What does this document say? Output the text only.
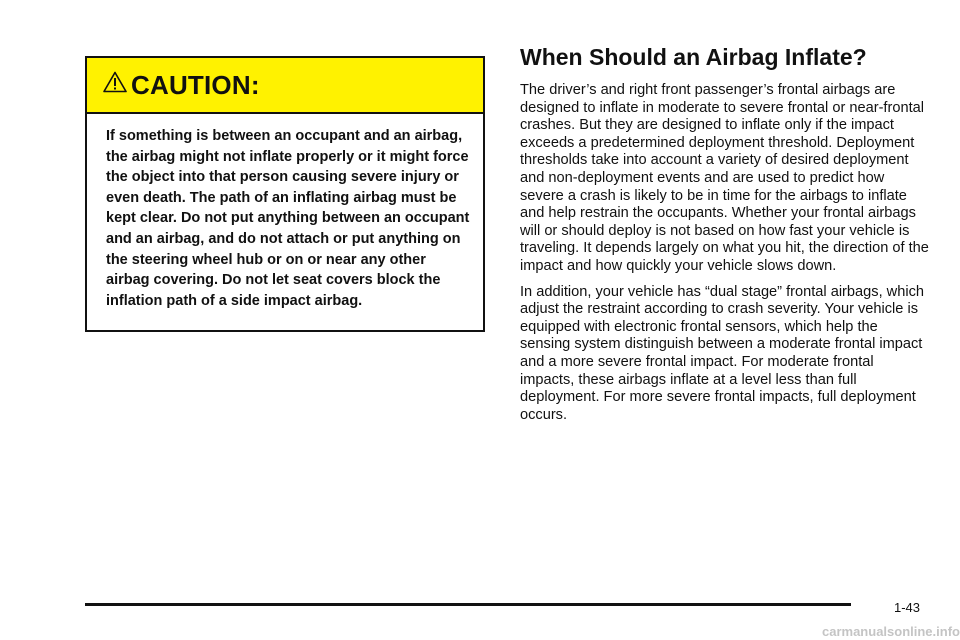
CAUTION:
If something is between an occupant and an airbag, the airbag might not inflate properly or it might force the object into that person causing severe injury or even death. The path of an inflating airbag must be kept clear. Do not put anything between an occupant and an airbag, and do not attach or put anything on the steering wheel hub or on or near any other airbag covering. Do not let seat covers block the inflation path of a side impact airbag.
When Should an Airbag Inflate?

The driver’s and right front passenger’s frontal airbags are designed to inflate in moderate to severe frontal or near-frontal crashes. But they are designed to inflate only if the impact exceeds a predetermined deployment threshold. Deployment thresholds take into account a variety of desired deployment and non-deployment events and are used to predict how severe a crash is likely to be in time for the airbags to inflate and help restrain the occupants. Whether your frontal airbags will or should deploy is not based on how fast your vehicle is traveling. It depends largely on what you hit, the direction of the impact and how quickly your vehicle slows down.

In addition, your vehicle has “dual stage” frontal airbags, which adjust the restraint according to crash severity. Your vehicle is equipped with electronic frontal sensors, which help the sensing system distinguish between a moderate frontal impact and a more severe frontal impact. For moderate frontal impacts, these airbags inflate at a level less than full deployment. For more severe frontal impacts, full deployment occurs.

1-43
carmanualsonline.info
